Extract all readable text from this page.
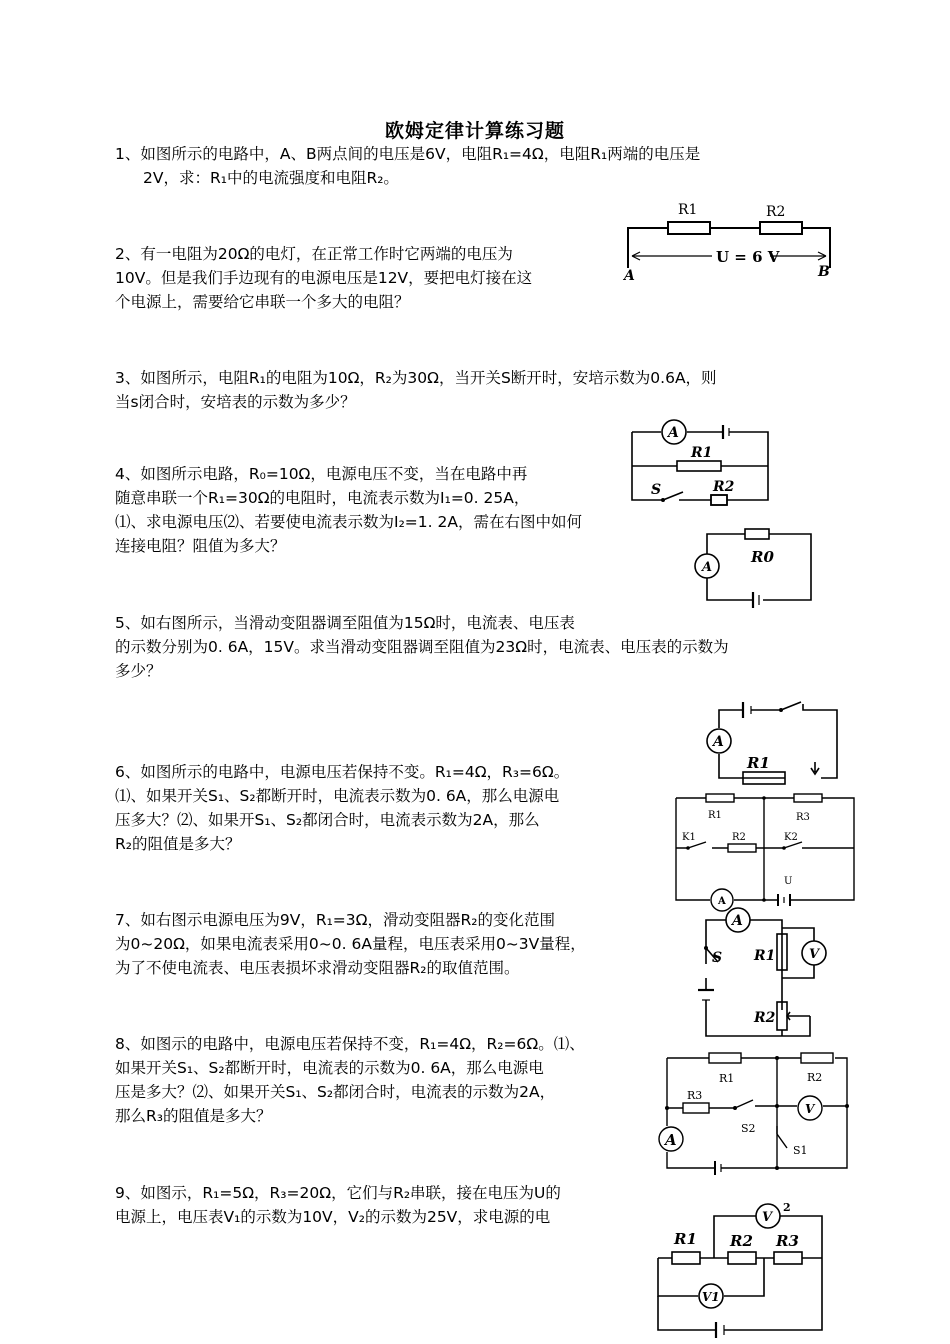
欧姆定律计算练习题

1、如图所示的电路中，A、B两点间的电压是6V，电阻R₁=4Ω，电阻R₁两端的电压是

2V，求：R₁中的电流强度和电阻R₂。

2、有一电阻为20Ω的电灯，在正常工作时它两端的电压为

10V。但是我们手边现有的电源电压是12V，要把电灯接在这

个电源上，需要给它串联一个多大的电阻？

3、如图所示，电阻R₁的电阻为10Ω，R₂为30Ω，当开关S断开时，安培示数为0.6A，则

当s闭合时，安培表的示数为多少？

4、如图所示电路，R₀=10Ω，电源电压不变，当在电路中再

随意串联一个R₁=30Ω的电阻时，电流表示数为I₁=0. 25A，

⑴、求电源电压⑵、若要使电流表示数为I₂=1. 2A，需在右图中如何

连接电阻？阻值为多大？

5、如右图所示，当滑动变阻器调至阻值为15Ω时，电流表、电压表

的示数分别为0. 6A，15V。求当滑动变阻器调至阻值为23Ω时，电流表、电压表的示数为

多少？

6、如图所示的电路中，电源电压若保持不变。R₁=4Ω，R₃=6Ω。

⑴、如果开关S₁、S₂都断开时，电流表示数为0. 6A，那么电源电

压多大？⑵、如果开S₁、S₂都闭合时，电流表示数为2A，那么

R₂的阻值是多大？

7、如右图示电源电压为9V，R₁=3Ω，滑动变阻器R₂的变化范围

为0~20Ω，如果电流表采用0~0. 6A量程，电压表采用0~3V量程，

为了不使电流表、电压表损坏求滑动变阻器R₂的取值范围。

8、如图示的电路中，电源电压若保持不变，R₁=4Ω，R₂=6Ω。⑴、

如果开关S₁、S₂都断开时，电流表的示数为0. 6A，那么电源电

压是多大？⑵、如果开关S₁、S₂都闭合时，电流表的示数为2A，

那么R₃的阻值是多大？

9、如图示，R₁=5Ω，R₃=20Ω，它们与R₂串联，接在电压为U的

电源上，电压表V₁的示数为10V，V₂的示数为25V，求电源的电

R1	R2
U = 6 V
A	B
A
R1
S	R2
A
R0
A
R1
R1	R3
K1	R2	K2
U
A
A
S R1	V
R2
R1	R2
R3
S2
S1
A
V
V
2
R1 R2 R3
V1
